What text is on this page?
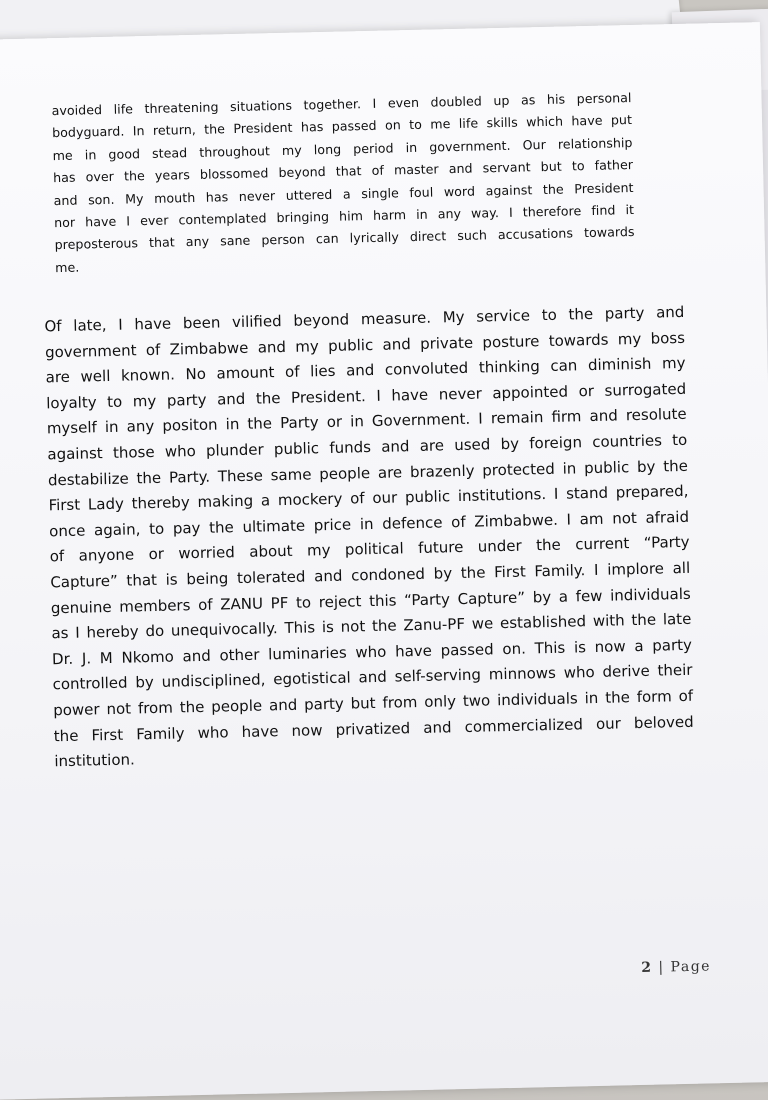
avoided life threatening situations together. I even doubled up as his personal
bodyguard. In return, the President has passed on to me life skills which have put
me in good stead throughout my long period in government. Our relationship
has over the years blossomed beyond that of master and servant but to father
and son. My mouth has never uttered a single foul word against the President
nor have I ever contemplated bringing him harm in any way. I therefore find it
preposterous that any sane person can lyrically direct such accusations towards
me.
Of late, I have been vilified beyond measure. My service to the party and
government of Zimbabwe and my public and private posture towards my boss
are well known. No amount of lies and convoluted thinking can diminish my
loyalty to my party and the President. I have never appointed or surrogated
myself in any positon in the Party or in Government. I remain firm and resolute
against those who plunder public funds and are used by foreign countries to
destabilize the Party. These same people are brazenly protected in public by the
First Lady thereby making a mockery of our public institutions. I stand prepared,
once again, to pay the ultimate price in defence of Zimbabwe. I am not afraid
of anyone or worried about my political future under the current “Party
Capture” that is being tolerated and condoned by the First Family. I implore all
genuine members of ZANU PF to reject this “Party Capture” by a few individuals
as I hereby do unequivocally. This is not the Zanu-PF we established with the late
Dr. J. M Nkomo and other luminaries who have passed on. This is now a party
controlled by undisciplined, egotistical and self-serving minnows who derive their
power not from the people and party but from only two individuals in the form of
the First Family who have now privatized and commercialized our beloved
institution.
2 | Page
